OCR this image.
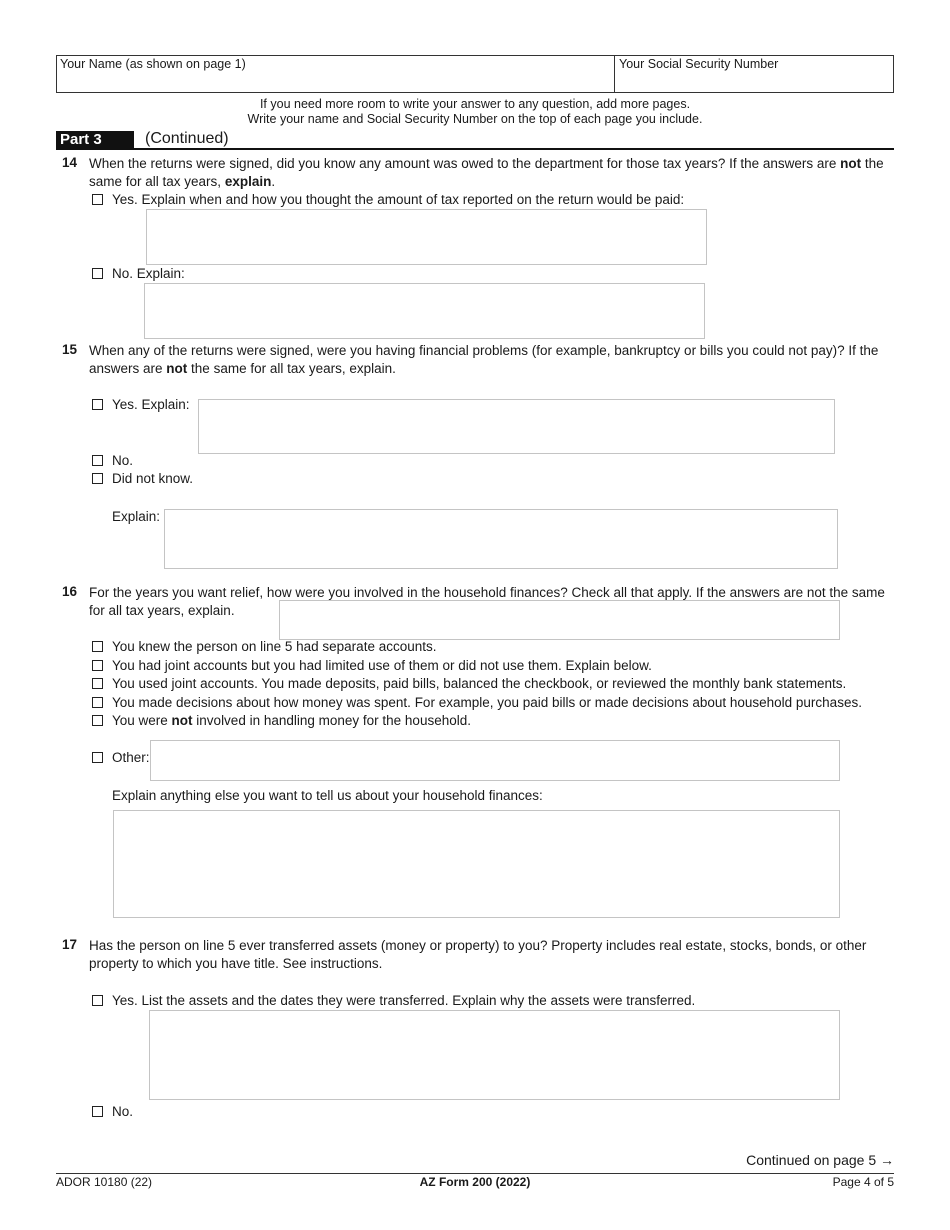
Your Name (as shown on page 1)	Your Social Security Number
If you need more room to write your answer to any question, add more pages.
Write your name and Social Security Number on the top of each page you include.
Part 3	(Continued)
14 When the returns were signed, did you know any amount was owed to the department for those tax years? If the answers are not the same for all tax years, explain.
Yes. Explain when and how you thought the amount of tax reported on the return would be paid:
No. Explain:
15 When any of the returns were signed, were you having financial problems (for example, bankruptcy or bills you could not pay)? If the answers are not the same for all tax years, explain.
Yes. Explain:
No.
Did not know.
Explain:
16 For the years you want relief, how were you involved in the household finances? Check all that apply. If the answers are not the same for all tax years, explain.
You knew the person on line 5 had separate accounts.
You had joint accounts but you had limited use of them or did not use them. Explain below.
You used joint accounts. You made deposits, paid bills, balanced the checkbook, or reviewed the monthly bank statements.
You made decisions about how money was spent. For example, you paid bills or made decisions about household purchases.
You were not involved in handling money for the household.
Other:
Explain anything else you want to tell us about your household finances:
17 Has the person on line 5 ever transferred assets (money or property) to you? Property includes real estate, stocks, bonds, or other property to which you have title. See instructions.
Yes. List the assets and the dates they were transferred. Explain why the assets were transferred.
No.
Continued on page 5 →
ADOR 10180 (22)	AZ Form 200 (2022)	Page 4 of 5
